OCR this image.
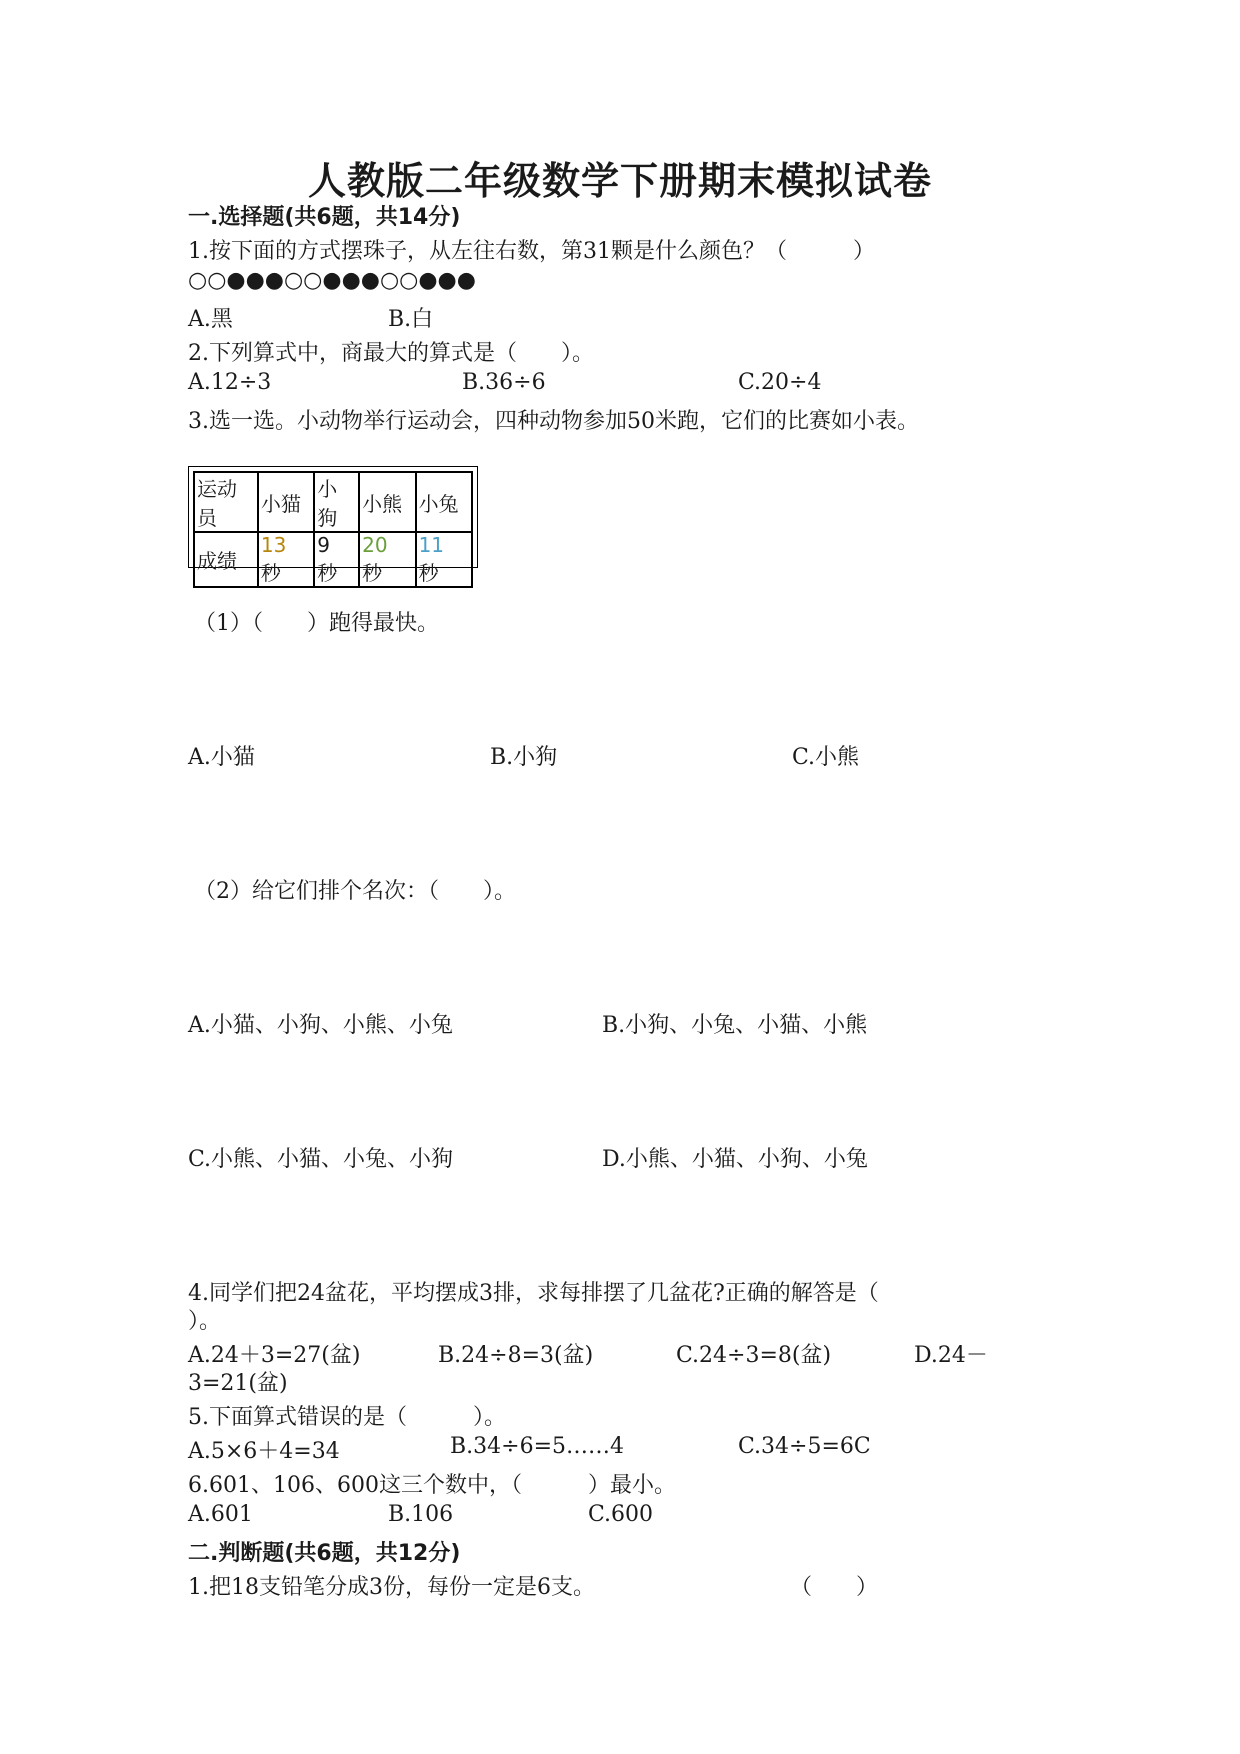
人教版二年级数学下册期末模拟试卷
一.选择题(共6题，共14分)
1.按下面的方式摆珠子，从左往右数，第31颗是什么颜色？（　　　）
○○●●●○○●●●○○●●●
A.黑	B.白
2.下列算式中，商最大的算式是（　　）。
A.12÷3	B.36÷6	C.20÷4
3.选一选。小动物举行运动会，四种动物参加50米跑，它们的比赛如小表。
运动员	小猫	小狗	小熊	小兔
成绩	13 秒	9 秒	20 秒	11 秒
（1）（　　）跑得最快。
A.小猫	B.小狗	C.小熊
（2）给它们排个名次：（　　）。
A.小猫、小狗、小熊、小兔	B.小狗、小兔、小猫、小熊
C.小熊、小猫、小兔、小狗	D.小熊、小猫、小狗、小兔
4.同学们把24盆花，平均摆成3排，求每排摆了几盆花?正确的解答是（
）。
A.24＋3=27(盆)	B.24÷8=3(盆)	C.24÷3=8(盆)	D.24－
3=21(盆)
5.下面算式错误的是（　　　）。
A.5×6＋4=34	B.34÷6=5……4	C.34÷5=6C
6.601、106、600这三个数中，（　　　）最小。
A.601	B.106	C.600
二.判断题(共6题，共12分)
1.把18支铅笔分成3份，每份一定是6支。	（　　）
